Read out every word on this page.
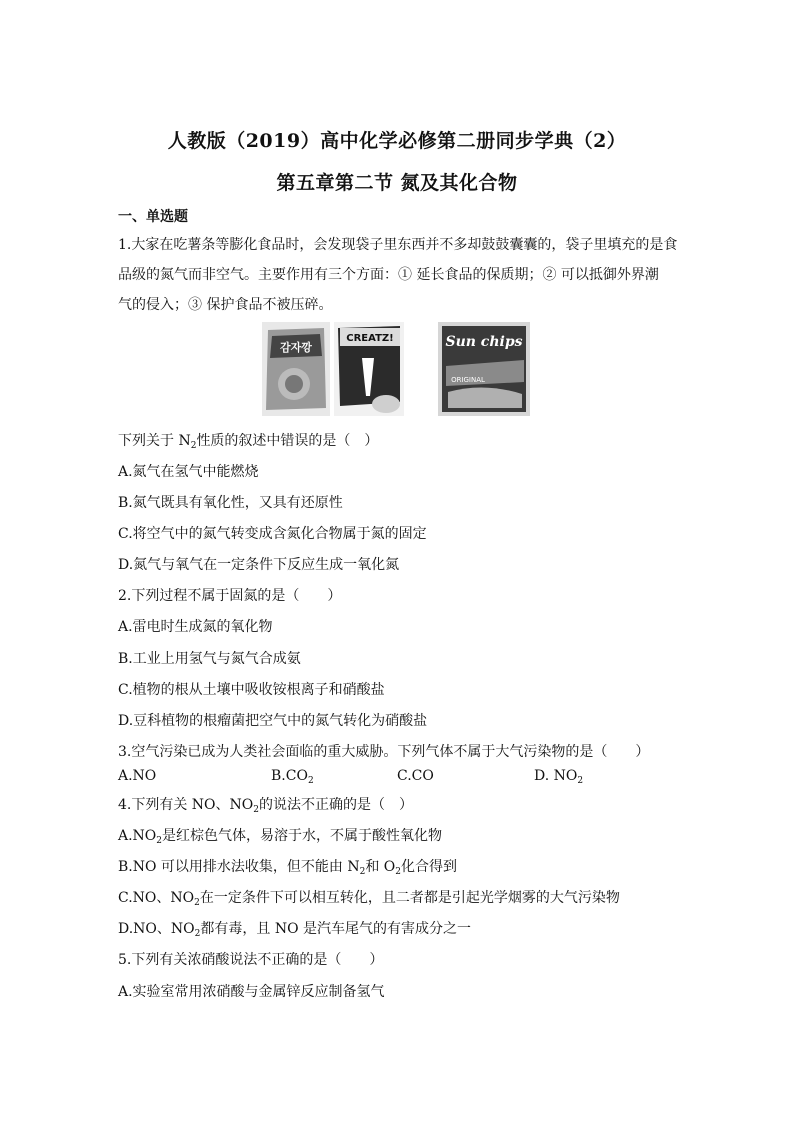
人教版（2019）高中化学必修第二册同步学典（2）
第五章第二节 氮及其化合物
一、单选题
1.大家在吃薯条等膨化食品时，会发现袋子里东西并不多却鼓鼓囊囊的，袋子里填充的是食
品级的氮气而非空气。主要作用有三个方面：① 延长食品的保质期；② 可以抵御外界潮
气的侵入；③ 保护食品不被压碎。
감자깡
CREATZ!	Sun chips
ORIGINAL
下列关于 $N_2$性质的叙述中错误的是（　）
A.氮气在氢气中能燃烧
B.氮气既具有氧化性，又具有还原性
C.将空气中的氮气转变成含氮化合物属于氮的固定
D.氮气与氧气在一定条件下反应生成一氧化氮
2.下列过程不属于固氮的是（　　）
A.雷电时生成氮的氧化物
B.工业上用氢气与氮气合成氨
C.植物的根从土壤中吸收铵根离子和硝酸盐
D.豆科植物的根瘤菌把空气中的氮气转化为硝酸盐
3.空气污染已成为人类社会面临的重大威胁。下列气体不属于大气污染物的是（　　）
A.NO	$B.CO_2$	C.CO	D. $NO_2$
4.下列有关 NO、$NO_2$的说法不正确的是（　）
$A.NO_2$是红棕色气体，易溶于水，不属于酸性氧化物
B.NO 可以用排水法收集，但不能由 $N_2$和 $O_2$化合得到
C.NO、$NO_2$在一定条件下可以相互转化，且二者都是引起光学烟雾的大气污染物
D.NO、$NO_2$都有毒，且 NO 是汽车尾气的有害成分之一
5.下列有关浓硝酸说法不正确的是（　　）
A.实验室常用浓硝酸与金属锌反应制备氢气
